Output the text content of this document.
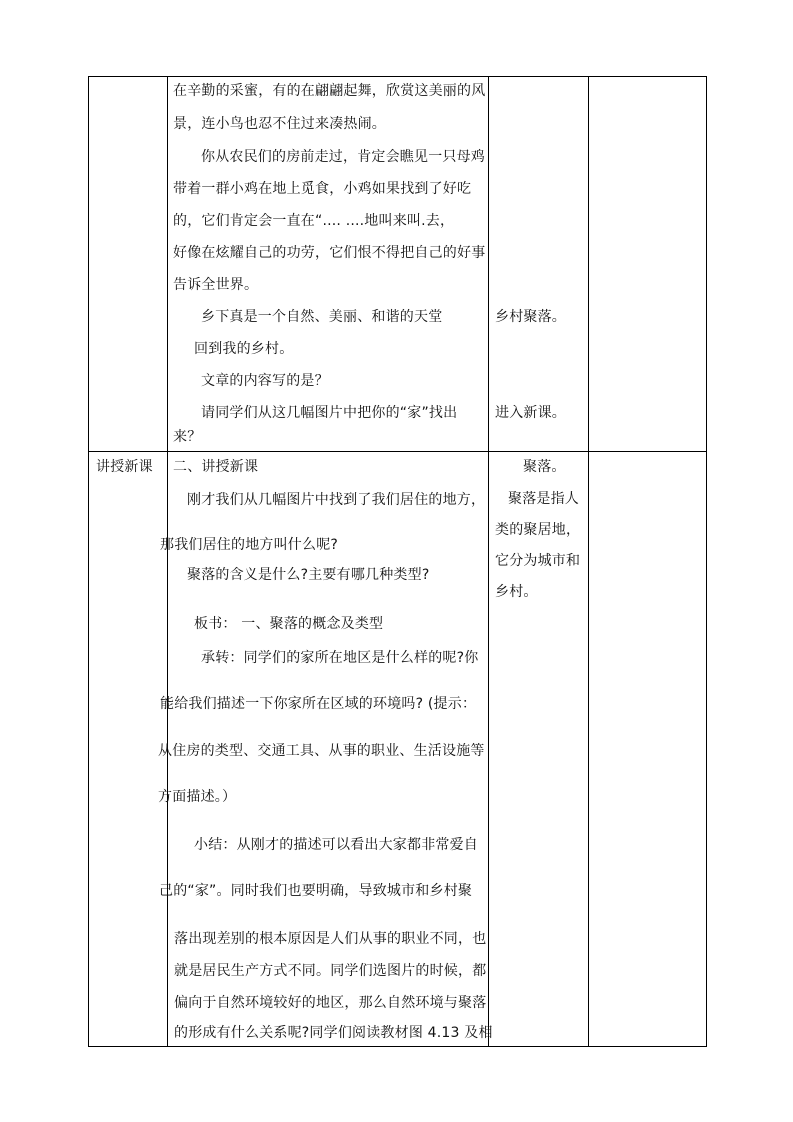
在辛勤的采蜜，有的在翩翩起舞，欣赏这美丽的风
景，连小鸟也忍不住过来凑热闹。
你从农民们的房前走过，肯定会瞧见一只母鸡
带着一群小鸡在地上觅食，小鸡如果找到了好吃
的，它们肯定会一直在“.... ....地叫来叫.去，
好像在炫耀自己的功劳，它们恨不得把自己的好事
告诉全世界。
乡下真是一个自然、美丽、和谐的天堂
回到我的乡村。
文章的内容写的是？
请同学们从这几幅图片中把你的“家”找出
来？
乡村聚落。
进入新课。
讲授新课 二、讲授新课
刚才我们从几幅图片中找到了我们居住的地方，
那我们居住的地方叫什么呢?
聚落的含义是什么?主要有哪几种类型?
板书： 一、聚落的概念及类型
承转：同学们的家所在地区是什么样的呢?你
能给我们描述一下你家所在区域的环境吗? (提示：
从住房的类型、交通工具、从事的职业、生活设施等
方面描述。）
小结：从刚才的描述可以看出大家都非常爱自
己的“家”。同时我们也要明确，导致城市和乡村聚
落出现差别的根本原因是人们从事的职业不同，也
就是居民生产方式不同。同学们选图片的时候，都
偏向于自然环境较好的地区，那么自然环境与聚落
的形成有什么关系呢?同学们阅读教材图 4.13 及相
聚落。
聚落是指人
类的聚居地，
它分为城市和
乡村。
